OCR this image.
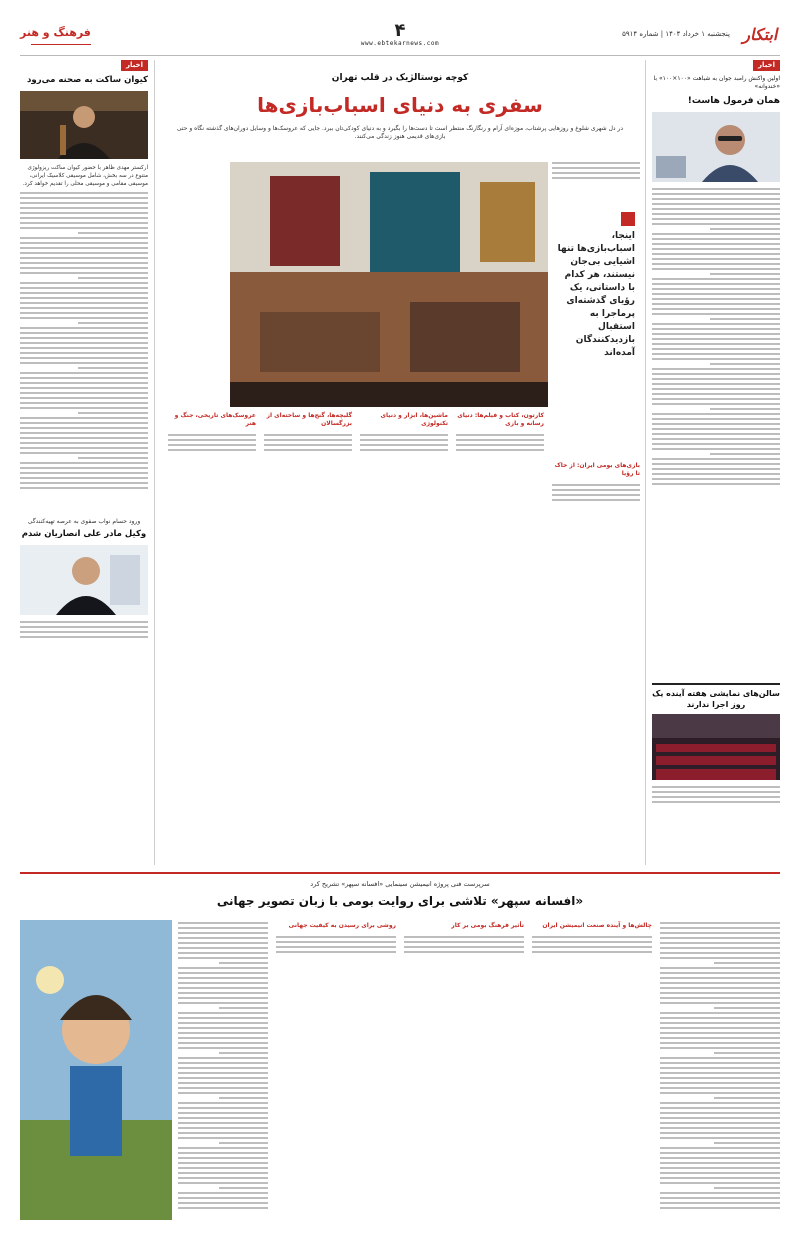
ابتکار
پنجشنبه ۱ خرداد ۱۴۰۴ | شماره ۵۹۱۴
۴
www.ebtekarnews.com
فرهنگ و هنر
اخبار
اولین واکنش رامبد جوان به شباهت «۱۰۰×۱۰۰» با «خندوانه»
همان فرمول هاست!
سالن‌های نمایشی هفته آینده یک روز اجرا ندارند
اخبار
کیوان ساکت به صحنه می‌رود
ارکستر مهدی ظاهر با حضور کیوان ساکت ریزولوژی متنوع در سه بخش، شامل موسیقی کلاسیک ایرانی، موسیقی مقامی و موسیقی محلی را تقدیم خواهد کرد.
ورود حسام نواب صفوی به عرصه تهیه‌کنندگی
وکیل مادر علی انصاریان شدم
کوچه نوستالژیک در قلب تهران
سفری به دنیای اسباب‌بازی‌ها
در دل شهری شلوغ و روزهایی پرشتاب، موزه‌ای آرام و رنگارنگ منتظر است تا دست‌ها را بگیرد و به دنیای کودکی‌تان ببرد. جایی که عروسک‌ها و وسایل دوران‌های گذشته نگاه و حتی بازی‌های قدیمی هنوز زندگی می‌کنند.
اینجا، اسباب‌بازی‌ها تنها اشیایی بی‌جان نیستند، هر کدام با داستانی، یک رؤیای گذشته‌ای پرماجرا به استقبال بازدیدکنندگان آمده‌اند
بازی‌های بومی ایران: از خاک تا رؤیا
کارتون، کتاب و فیلم‌ها: دنیای رسانه و بازی
ماشین‌ها، ابزار و دنیای تکنولوژی
گلبچه‌ها، گنج‌ها و ساخته‌ای از بزرگسالان
عروسک‌های تاریخی، جنگ و هنر
سرپرست فنی پروژه انیمیشن سینمایی «افسانه سپهر» تشریح کرد
«افسانه سپهر» تلاشی برای روایت بومی با زبان تصویر جهانی
چالش‌ها و آینده صنعت انیمیشن ایران
تأثیر فرهنگ بومی بر کار
روشی برای رسیدن به کیفیت جهانی
